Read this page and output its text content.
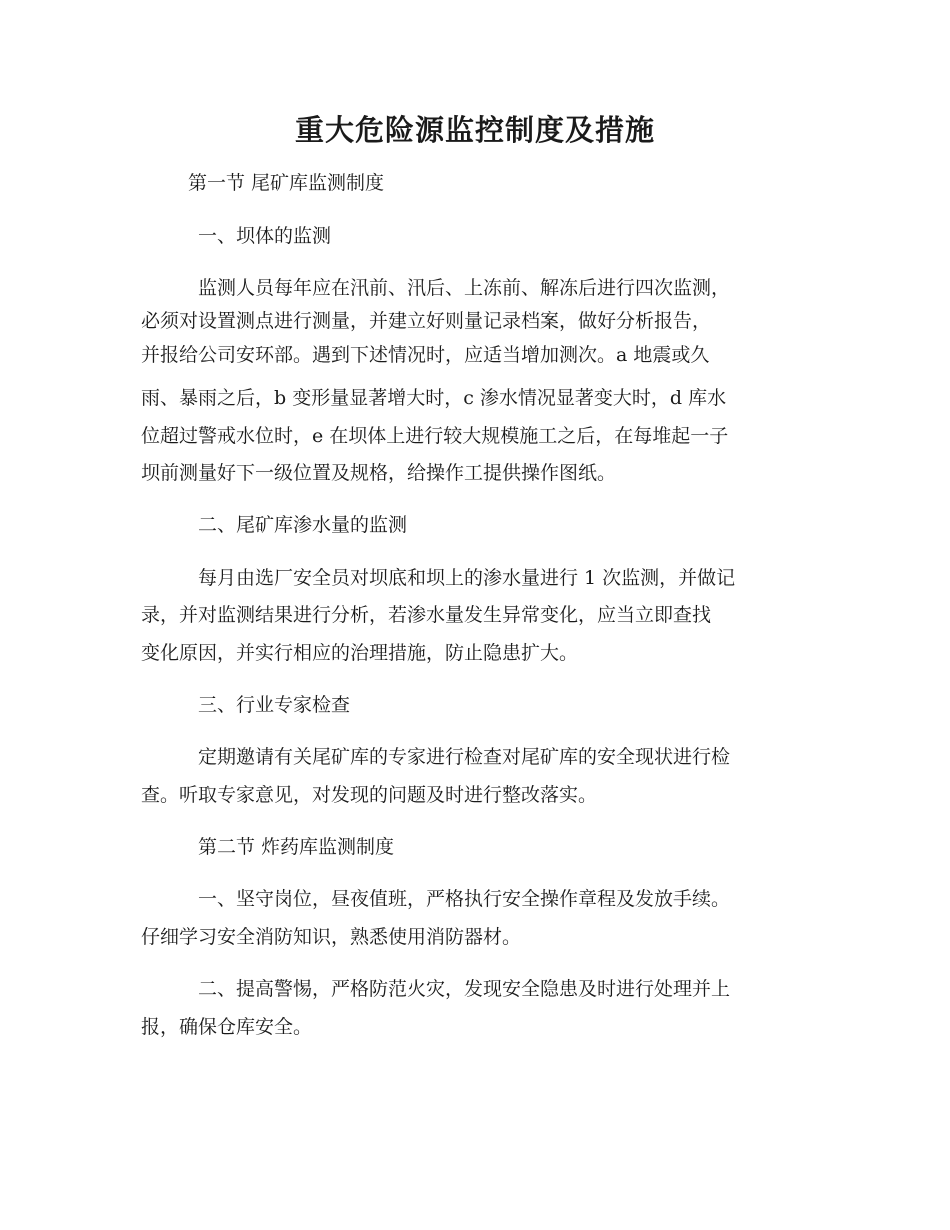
重大危险源监控制度及措施
第一节 尾矿库监测制度
一、坝体的监测
监测人员每年应在汛前、汛后、上冻前、解冻后进行四次监测，
必须对设置测点进行测量，并建立好则量记录档案，做好分析报告，
并报给公司安环部。遇到下述情况时，应适当增加测次。a 地震或久
雨、暴雨之后，b 变形量显著增大时，c 渗水情况显著变大时，d 库水
位超过警戒水位时，e 在坝体上进行较大规模施工之后，在每堆起一子
坝前测量好下一级位置及规格，给操作工提供操作图纸。
二、尾矿库渗水量的监测
每月由选厂安全员对坝底和坝上的渗水量进行 1 次监测，并做记
录，并对监测结果进行分析，若渗水量发生异常变化，应当立即查找
变化原因，并实行相应的治理措施，防止隐患扩大。
三、行业专家检查
定期邀请有关尾矿库的专家进行检查对尾矿库的安全现状进行检
查。听取专家意见，对发现的问题及时进行整改落实。
第二节 炸药库监测制度
一、坚守岗位，昼夜值班，严格执行安全操作章程及发放手续。
仔细学习安全消防知识，熟悉使用消防器材。
二、提高警惕，严格防范火灾，发现安全隐患及时进行处理并上
报，确保仓库安全。
